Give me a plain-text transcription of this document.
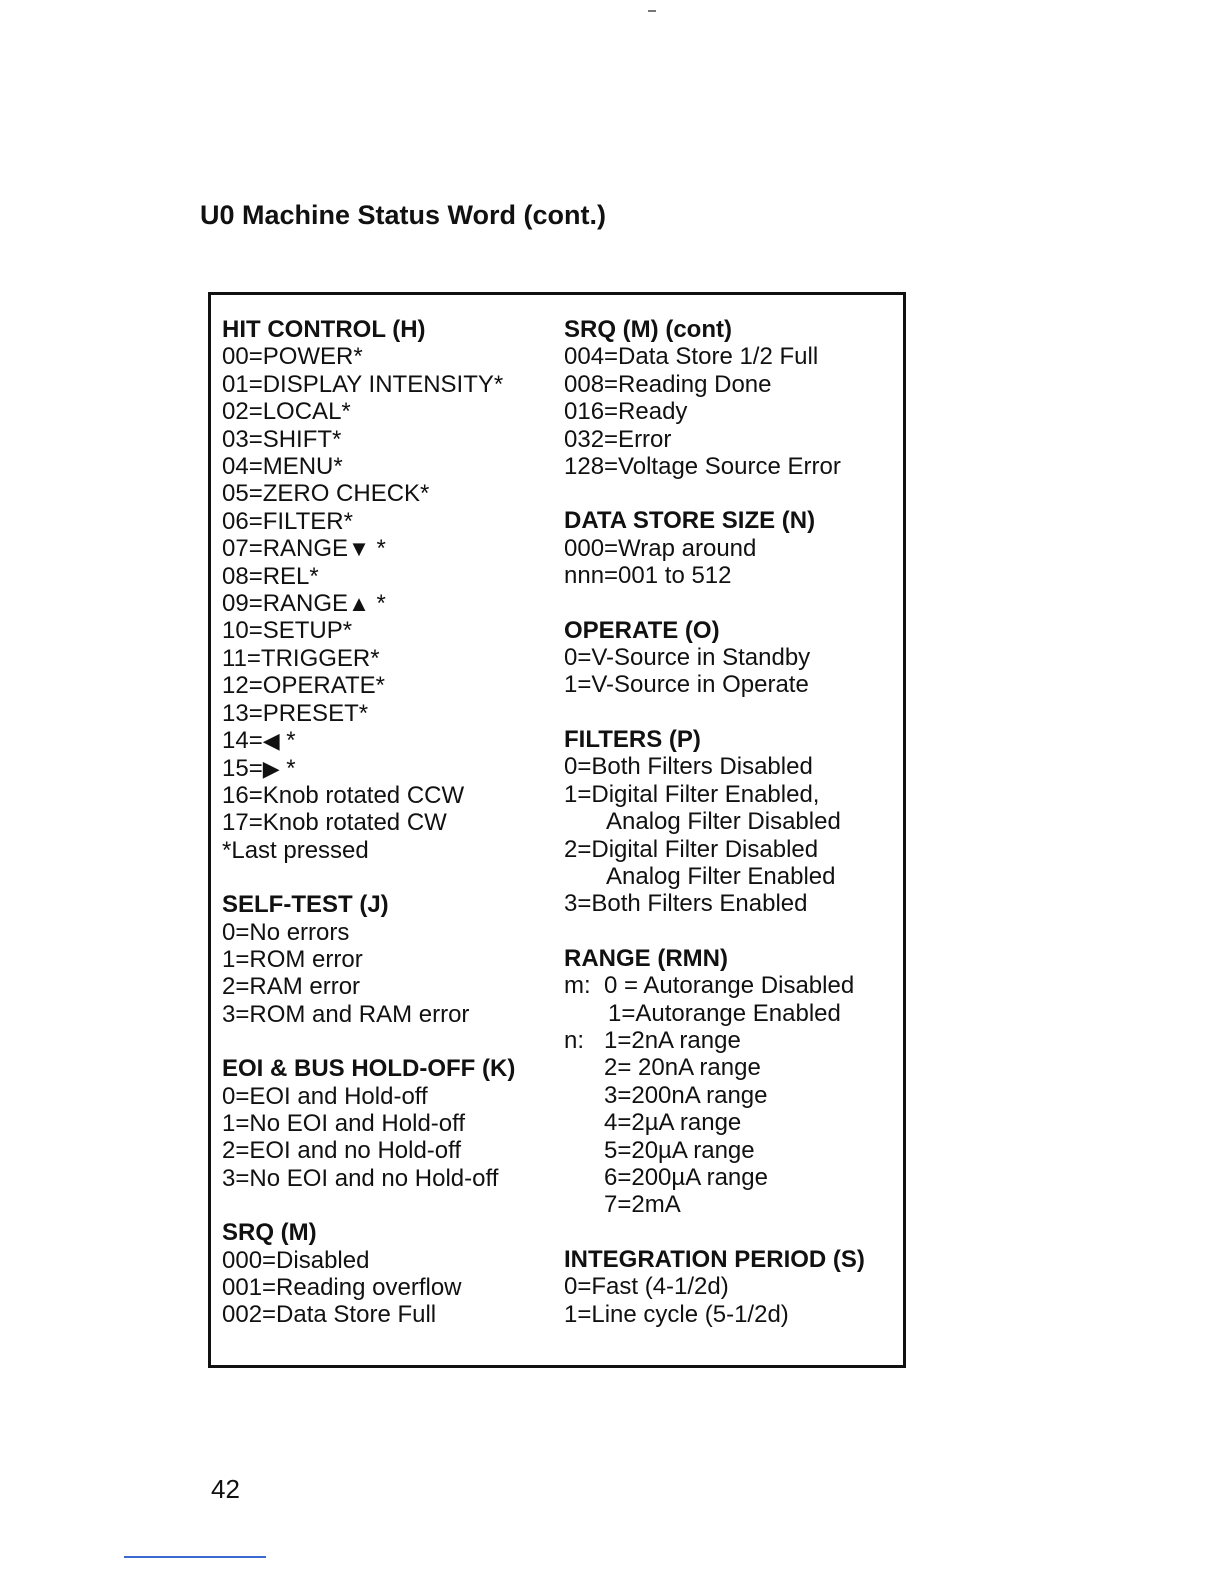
U0 Machine Status Word (cont.)
HIT CONTROL (H)
00=POWER*
01=DISPLAY INTENSITY*
02=LOCAL*
03=SHIFT*
04=MENU*
05=ZERO CHECK*
06=FILTER*
07=RANGE▼ *
08=REL*
09=RANGE▲ *
10=SETUP*
11=TRIGGER*
12=OPERATE*
13=PRESET*
14=◀ *
15=▶ *
16=Knob rotated CCW
17=Knob rotated CW
*Last pressed
SELF-TEST (J)
0=No errors
1=ROM error
2=RAM error
3=ROM and RAM error
EOI & BUS HOLD-OFF (K)
0=EOI and Hold-off
1=No EOI and Hold-off
2=EOI and no Hold-off
3=No EOI and no Hold-off
SRQ (M)
000=Disabled
001=Reading overflow
002=Data Store Full
SRQ (M) (cont)
004=Data Store 1/2 Full
008=Reading Done
016=Ready
032=Error
128=Voltage Source Error
DATA STORE SIZE (N)
000=Wrap around
nnn=001 to 512
OPERATE (O)
0=V-Source in Standby
1=V-Source in Operate
FILTERS (P)
0=Both Filters Disabled
1=Digital Filter Enabled,
Analog Filter Disabled
2=Digital Filter Disabled
Analog Filter Enabled
3=Both Filters Enabled
RANGE (RMN)
m: 0 = Autorange Disabled
1=Autorange Enabled
n: 1=2nA range
2= 20nA range
3=200nA range
4=2µA range
5=20µA range
6=200µA range
7=2mA
INTEGRATION PERIOD (S)
0=Fast (4-1/2d)
1=Line cycle (5-1/2d)
42
